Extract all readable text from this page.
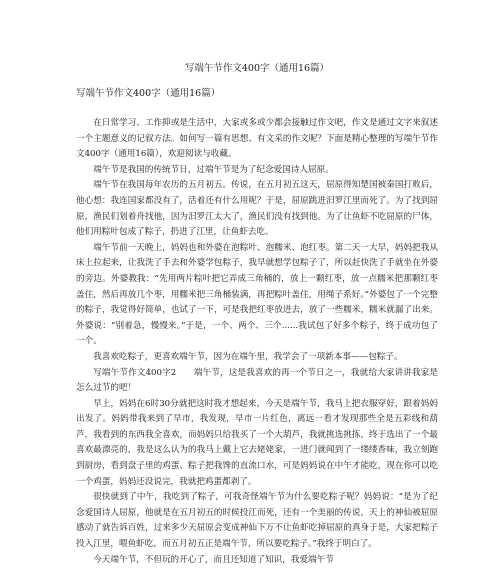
写端午节作文400字（通用16篇）
写端午节作文400字（通用16篇）

在日常学习、工作抑或是生活中，大家或多或少都会接触过作文吧，作文是通过文字来叙述一个主题意义的记叙方法。如何写一篇有思想、有文采的作文呢？下面是精心整理的写端午节作文400字（通用16篇），欢迎阅读与收藏。

端午节是我国的传统节日，过端午节是为了纪念爱国诗人屈原。

端午节在我国每年农历的五月初五。传说，在五月初五这天，屈原得知楚国被秦国打败后，他心想：我连国家都没有了，活着还有什么用呢？于是，屈原跳进汨罗江里而死了。为了找到屈原，渔民们划着舟找他，因为汨罗江太大了，渔民们没有找到他。为了让鱼虾不吃屈原的尸体，他们用粽叶包成了粽子，扔进了江里，让鱼虾去吃。

端午节前一天晚上，妈妈也和外婆在泡粽叶、泡糯米、泡红枣。第二天一大早，妈妈把我从床上拉起来，让我洗了手去和外婆学包粽子，我早就想学包粽子了，所以赶快洗了手就坐在外婆的旁边。外婆教我：“先用两片粽叶把它弄成三角桶的，放上一颗红枣，放一点糯米把那颗红枣盖住，然后再放几个枣，用糯米把三角桶装满，再把粽叶盖住，用绳子系好。”外婆包了一个完整的粽子，我觉得好简单，也试了一下，可是我把红枣放进去，放了一些糯米，糯米就漏了出来。外婆说：“别着急，慢慢来。”于是，一个、两个、三个......我试包了好多个粽子，终于成功包了一个。

我喜欢吃粽子，更喜欢端午节，因为在端午里，我学会了一项新本事——包粽子。

写端午节作文400字2　　端午节，这是我喜欢的再一个节日之一，我就给大家讲讲我家是怎么过节的吧！

早上，妈妈在6时30分就把这时我才想起来，今天是端午节，我马上把衣服穿好，跟着妈妈出发了。妈妈带我来到了早市，我发现，早市一片红色，离远一看才发现那些全是五彩线和葫芦，我看到的东西我全喜欢，而妈妈只给我买了一个大葫芦，我就挑选挑拣，终于选出了一个最喜欢最漂亮的，我是这么认为的我马上戴上它去姥姥家，一进门就闻到了一缕缕香味，我立刻跑到厨房，看到盘子里的鸡蛋、粽子把我馋的直流口水，可是妈妈说在中午才能吃，现在你可以吃一个鸡蛋，妈妈还没说完，我就把鸡蛋都剥了。

很快就到了中午，我吃到了粽子，可我奇怪端午节为什么要吃粽子呢？妈妈说：“是为了纪念爱国诗人屈原，他就是在五月初五的时候投江而死，还有一个美丽的传说，天上的神仙被屈原感动了就告诉百姓，过来多少天屈原会变成神仙下万不让鱼虾吃掉屈原的真身于是，大家把粽子投入江里，喂鱼虾吃，而五月初五正是端午节，所以要吃粽子。”我终于明白了。

今天端午节，不但玩的开心了，而且还知道了知识，我爱端午节
